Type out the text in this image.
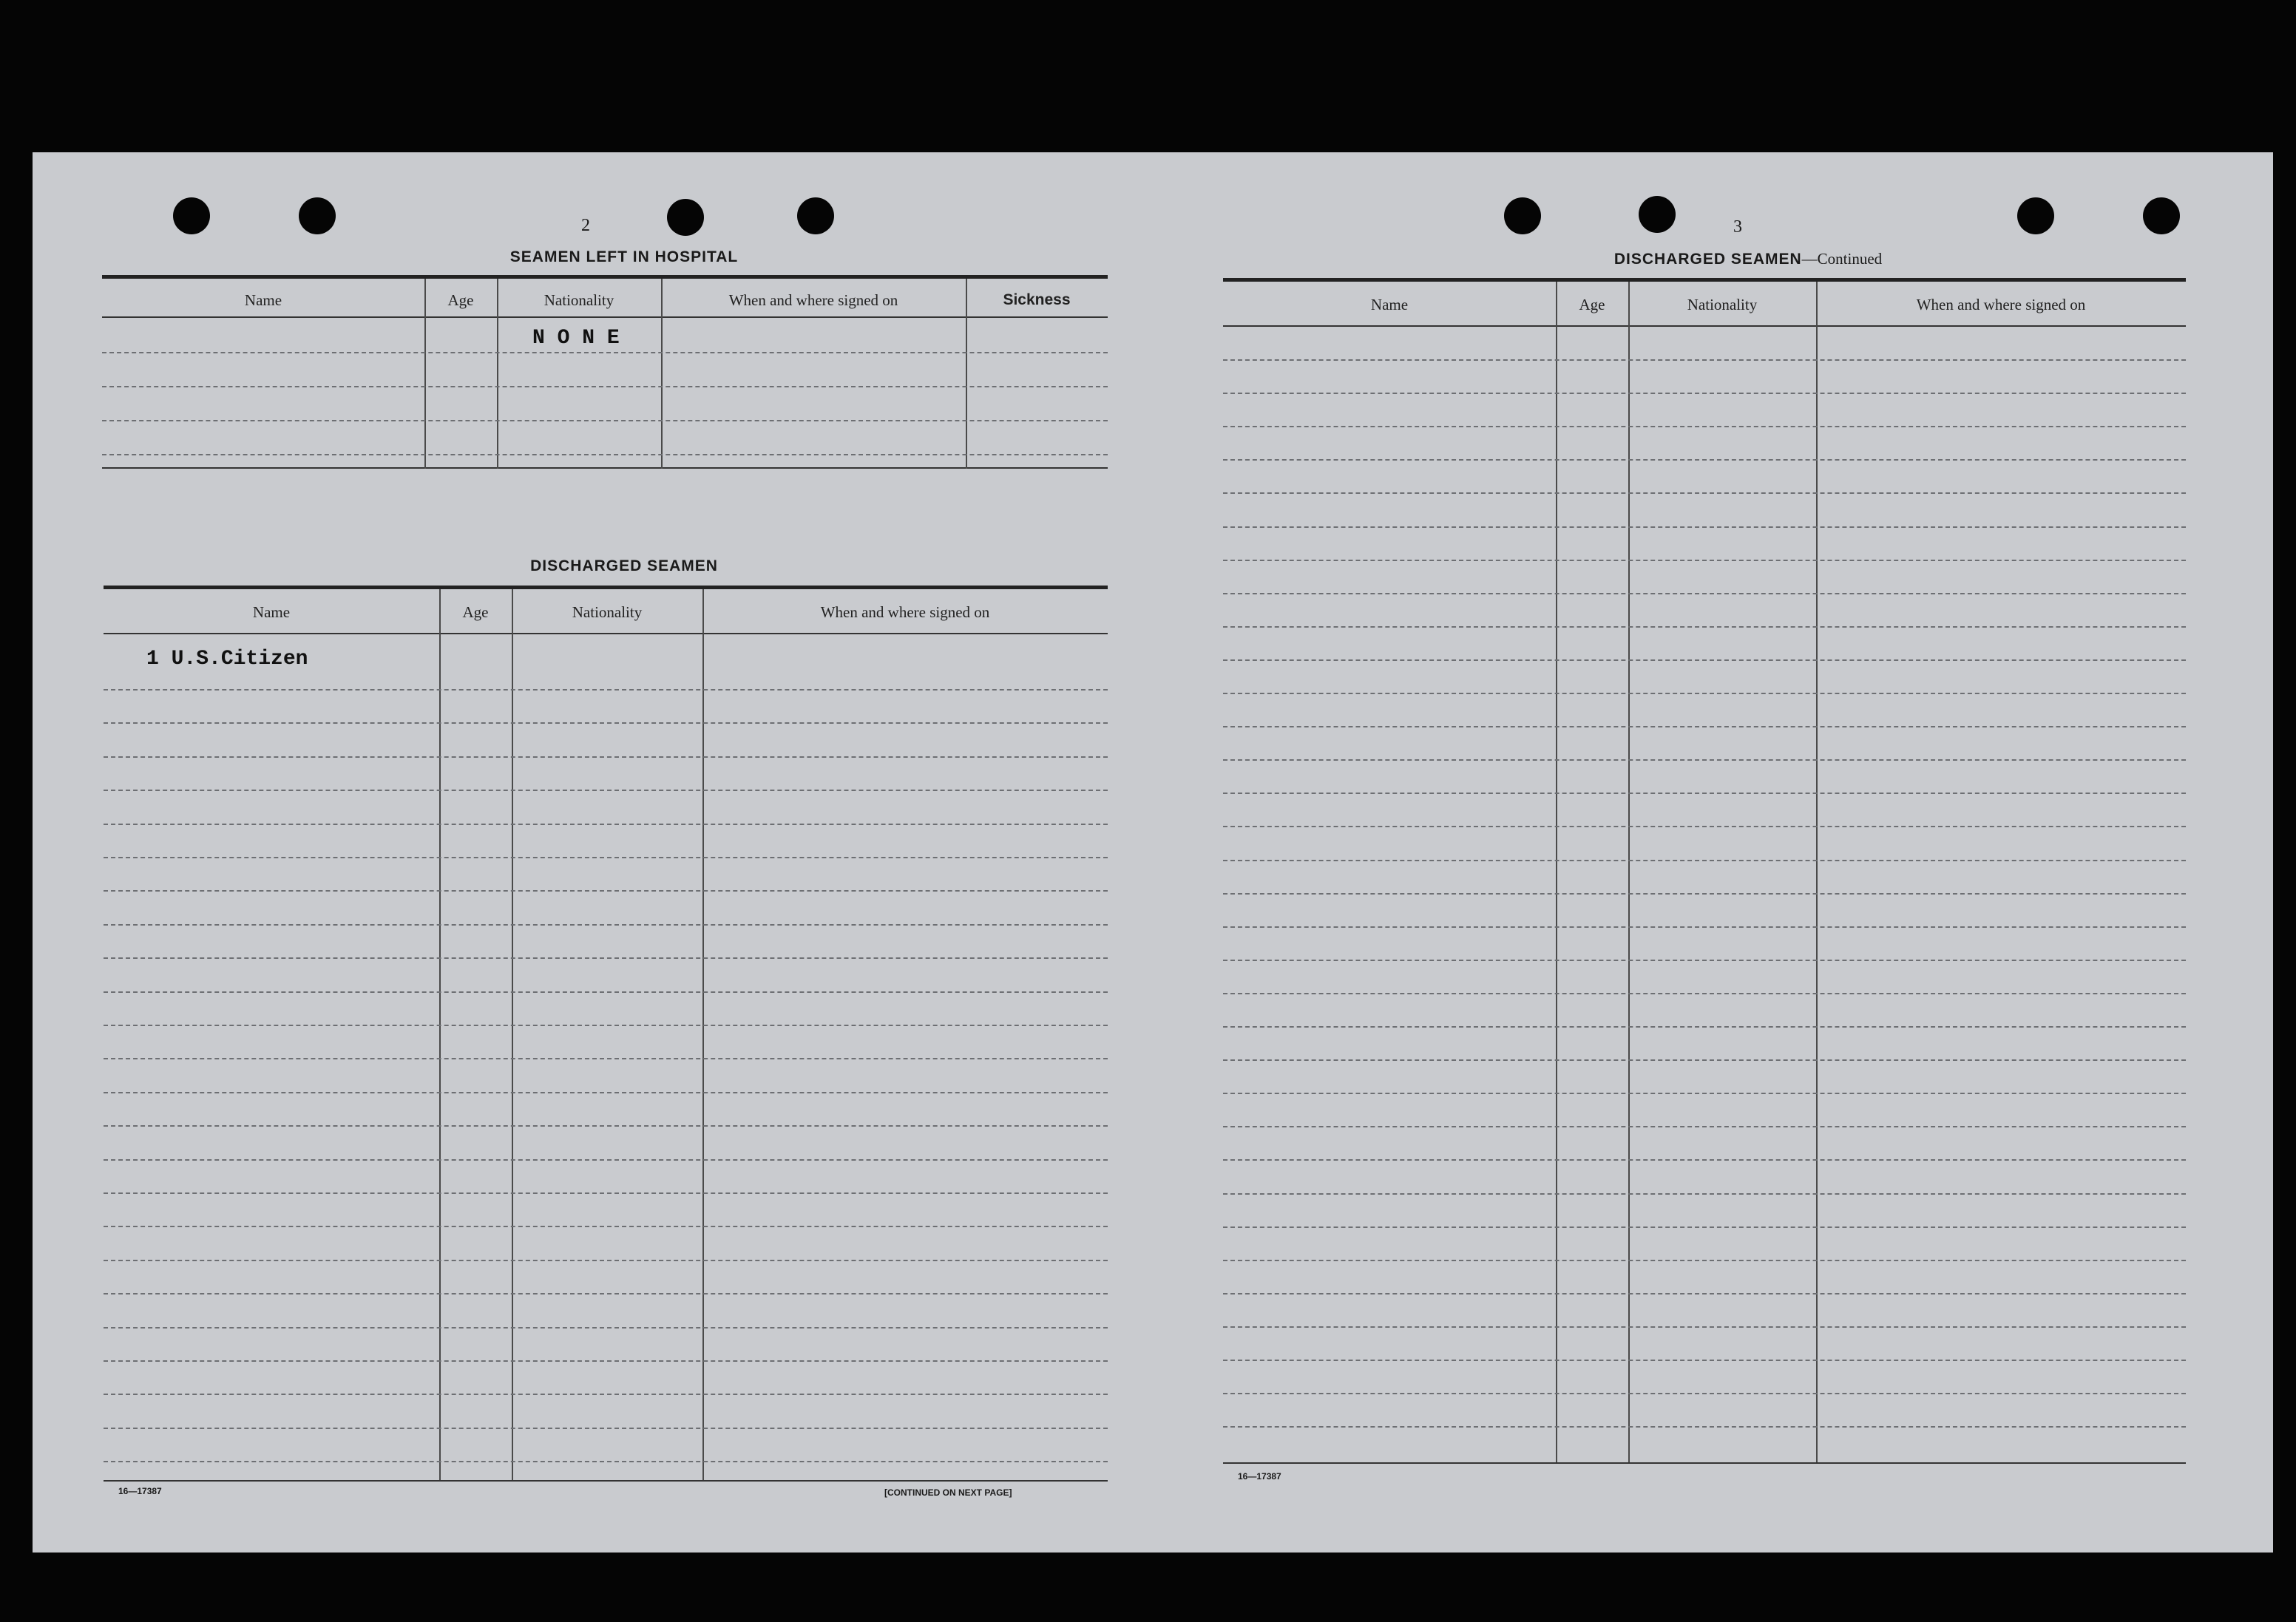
2
SEAMEN LEFT IN HOSPITAL
Name	Age	Nationality	When and where signed on	Sickness
N O N E
DISCHARGED SEAMEN
Name	Age	Nationality	When and where signed on
1 U.S.Citizen
16—17387	[CONTINUED ON NEXT PAGE]
3
DISCHARGED SEAMEN—Continued
Name	Age	Nationality	When and where signed on
16—17387
